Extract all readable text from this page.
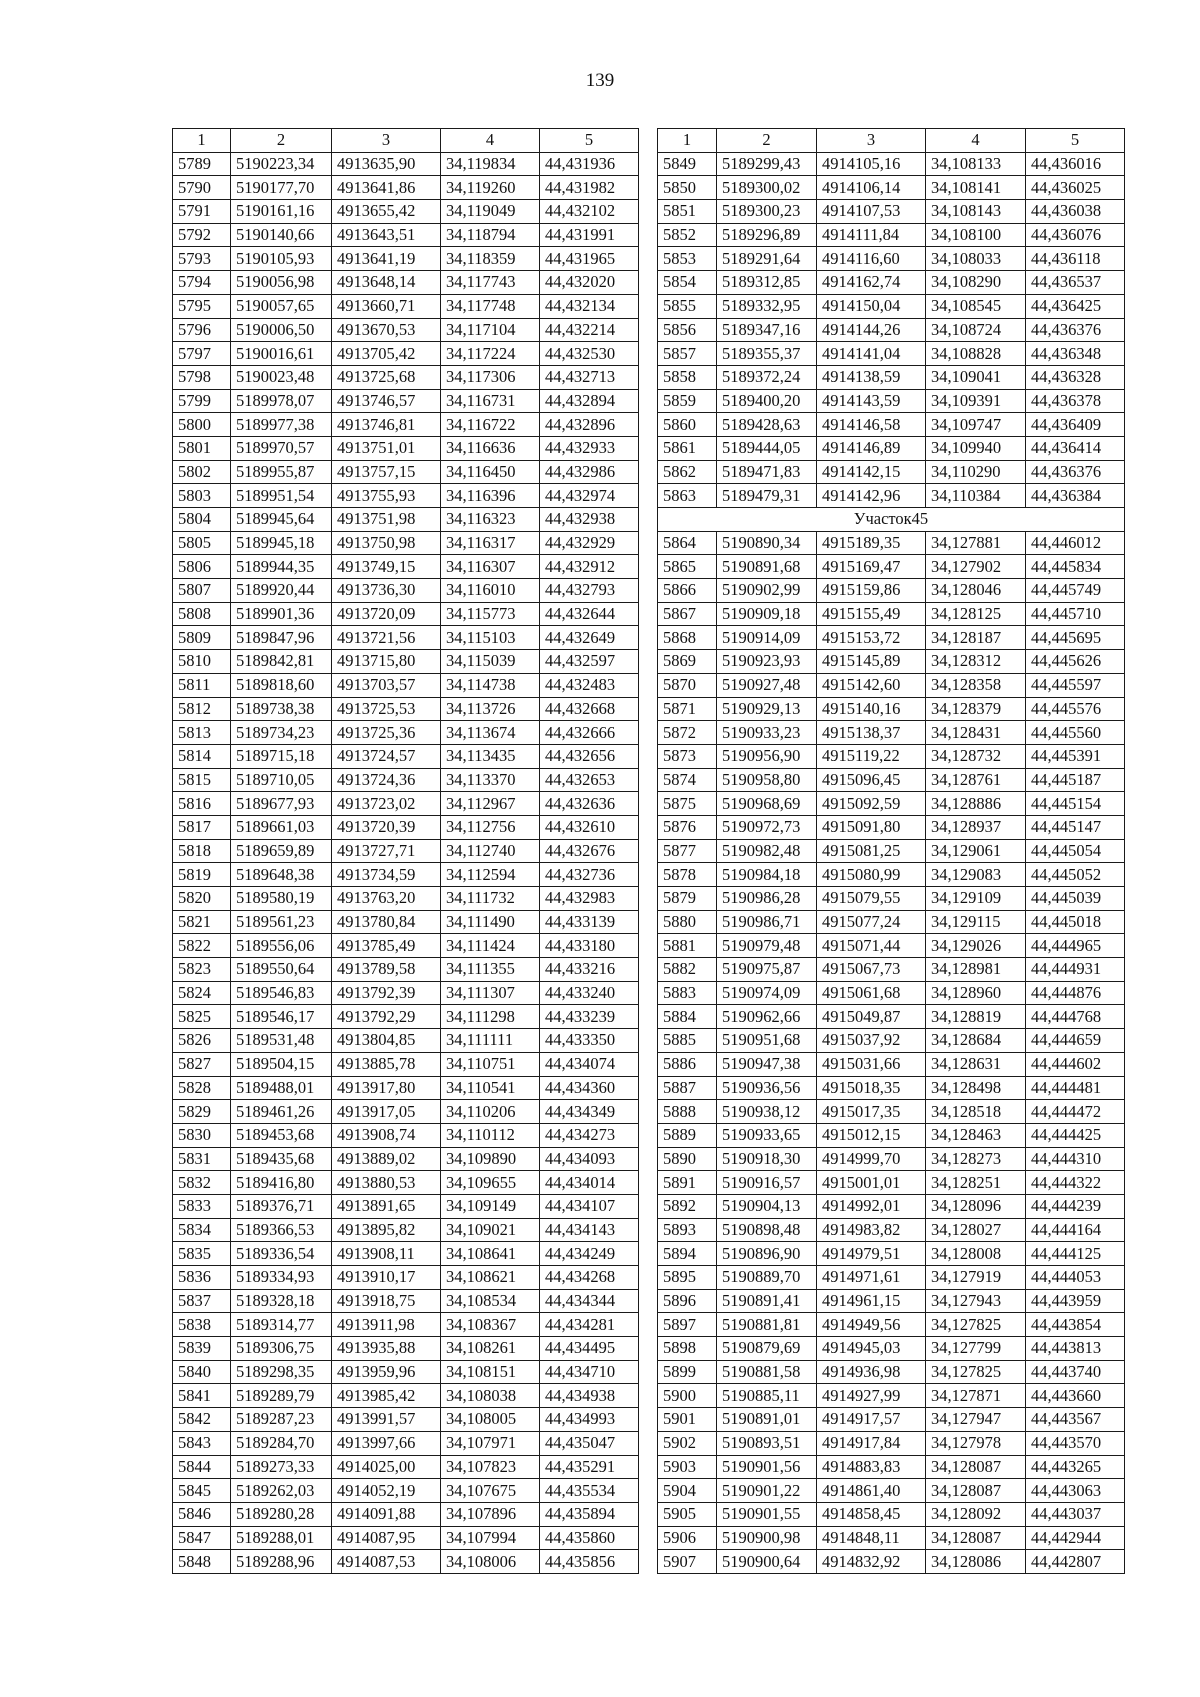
139
1	2	3	4	5
5789	5190223,34	4913635,90	34,119834	44,431936
5790	5190177,70	4913641,86	34,119260	44,431982
5791	5190161,16	4913655,42	34,119049	44,432102
5792	5190140,66	4913643,51	34,118794	44,431991
5793	5190105,93	4913641,19	34,118359	44,431965
5794	5190056,98	4913648,14	34,117743	44,432020
5795	5190057,65	4913660,71	34,117748	44,432134
5796	5190006,50	4913670,53	34,117104	44,432214
5797	5190016,61	4913705,42	34,117224	44,432530
5798	5190023,48	4913725,68	34,117306	44,432713
5799	5189978,07	4913746,57	34,116731	44,432894
5800	5189977,38	4913746,81	34,116722	44,432896
5801	5189970,57	4913751,01	34,116636	44,432933
5802	5189955,87	4913757,15	34,116450	44,432986
5803	5189951,54	4913755,93	34,116396	44,432974
5804	5189945,64	4913751,98	34,116323	44,432938
5805	5189945,18	4913750,98	34,116317	44,432929
5806	5189944,35	4913749,15	34,116307	44,432912
5807	5189920,44	4913736,30	34,116010	44,432793
5808	5189901,36	4913720,09	34,115773	44,432644
5809	5189847,96	4913721,56	34,115103	44,432649
5810	5189842,81	4913715,80	34,115039	44,432597
5811	5189818,60	4913703,57	34,114738	44,432483
5812	5189738,38	4913725,53	34,113726	44,432668
5813	5189734,23	4913725,36	34,113674	44,432666
5814	5189715,18	4913724,57	34,113435	44,432656
5815	5189710,05	4913724,36	34,113370	44,432653
5816	5189677,93	4913723,02	34,112967	44,432636
5817	5189661,03	4913720,39	34,112756	44,432610
5818	5189659,89	4913727,71	34,112740	44,432676
5819	5189648,38	4913734,59	34,112594	44,432736
5820	5189580,19	4913763,20	34,111732	44,432983
5821	5189561,23	4913780,84	34,111490	44,433139
5822	5189556,06	4913785,49	34,111424	44,433180
5823	5189550,64	4913789,58	34,111355	44,433216
5824	5189546,83	4913792,39	34,111307	44,433240
5825	5189546,17	4913792,29	34,111298	44,433239
5826	5189531,48	4913804,85	34,111111	44,433350
5827	5189504,15	4913885,78	34,110751	44,434074
5828	5189488,01	4913917,80	34,110541	44,434360
5829	5189461,26	4913917,05	34,110206	44,434349
5830	5189453,68	4913908,74	34,110112	44,434273
5831	5189435,68	4913889,02	34,109890	44,434093
5832	5189416,80	4913880,53	34,109655	44,434014
5833	5189376,71	4913891,65	34,109149	44,434107
5834	5189366,53	4913895,82	34,109021	44,434143
5835	5189336,54	4913908,11	34,108641	44,434249
5836	5189334,93	4913910,17	34,108621	44,434268
5837	5189328,18	4913918,75	34,108534	44,434344
5838	5189314,77	4913911,98	34,108367	44,434281
5839	5189306,75	4913935,88	34,108261	44,434495
5840	5189298,35	4913959,96	34,108151	44,434710
5841	5189289,79	4913985,42	34,108038	44,434938
5842	5189287,23	4913991,57	34,108005	44,434993
5843	5189284,70	4913997,66	34,107971	44,435047
5844	5189273,33	4914025,00	34,107823	44,435291
5845	5189262,03	4914052,19	34,107675	44,435534
5846	5189280,28	4914091,88	34,107896	44,435894
5847	5189288,01	4914087,95	34,107994	44,435860
5848	5189288,96	4914087,53	34,108006	44,435856
1	2	3	4	5
5849	5189299,43	4914105,16	34,108133	44,436016
5850	5189300,02	4914106,14	34,108141	44,436025
5851	5189300,23	4914107,53	34,108143	44,436038
5852	5189296,89	4914111,84	34,108100	44,436076
5853	5189291,64	4914116,60	34,108033	44,436118
5854	5189312,85	4914162,74	34,108290	44,436537
5855	5189332,95	4914150,04	34,108545	44,436425
5856	5189347,16	4914144,26	34,108724	44,436376
5857	5189355,37	4914141,04	34,108828	44,436348
5858	5189372,24	4914138,59	34,109041	44,436328
5859	5189400,20	4914143,59	34,109391	44,436378
5860	5189428,63	4914146,58	34,109747	44,436409
5861	5189444,05	4914146,89	34,109940	44,436414
5862	5189471,83	4914142,15	34,110290	44,436376
5863	5189479,31	4914142,96	34,110384	44,436384
Участок45				
5864	5190890,34	4915189,35	34,127881	44,446012
5865	5190891,68	4915169,47	34,127902	44,445834
5866	5190902,99	4915159,86	34,128046	44,445749
5867	5190909,18	4915155,49	34,128125	44,445710
5868	5190914,09	4915153,72	34,128187	44,445695
5869	5190923,93	4915145,89	34,128312	44,445626
5870	5190927,48	4915142,60	34,128358	44,445597
5871	5190929,13	4915140,16	34,128379	44,445576
5872	5190933,23	4915138,37	34,128431	44,445560
5873	5190956,90	4915119,22	34,128732	44,445391
5874	5190958,80	4915096,45	34,128761	44,445187
5875	5190968,69	4915092,59	34,128886	44,445154
5876	5190972,73	4915091,80	34,128937	44,445147
5877	5190982,48	4915081,25	34,129061	44,445054
5878	5190984,18	4915080,99	34,129083	44,445052
5879	5190986,28	4915079,55	34,129109	44,445039
5880	5190986,71	4915077,24	34,129115	44,445018
5881	5190979,48	4915071,44	34,129026	44,444965
5882	5190975,87	4915067,73	34,128981	44,444931
5883	5190974,09	4915061,68	34,128960	44,444876
5884	5190962,66	4915049,87	34,128819	44,444768
5885	5190951,68	4915037,92	34,128684	44,444659
5886	5190947,38	4915031,66	34,128631	44,444602
5887	5190936,56	4915018,35	34,128498	44,444481
5888	5190938,12	4915017,35	34,128518	44,444472
5889	5190933,65	4915012,15	34,128463	44,444425
5890	5190918,30	4914999,70	34,128273	44,444310
5891	5190916,57	4915001,01	34,128251	44,444322
5892	5190904,13	4914992,01	34,128096	44,444239
5893	5190898,48	4914983,82	34,128027	44,444164
5894	5190896,90	4914979,51	34,128008	44,444125
5895	5190889,70	4914971,61	34,127919	44,444053
5896	5190891,41	4914961,15	34,127943	44,443959
5897	5190881,81	4914949,56	34,127825	44,443854
5898	5190879,69	4914945,03	34,127799	44,443813
5899	5190881,58	4914936,98	34,127825	44,443740
5900	5190885,11	4914927,99	34,127871	44,443660
5901	5190891,01	4914917,57	34,127947	44,443567
5902	5190893,51	4914917,84	34,127978	44,443570
5903	5190901,56	4914883,83	34,128087	44,443265
5904	5190901,22	4914861,40	34,128087	44,443063
5905	5190901,55	4914858,45	34,128092	44,443037
5906	5190900,98	4914848,11	34,128087	44,442944
5907	5190900,64	4914832,92	34,128086	44,442807
